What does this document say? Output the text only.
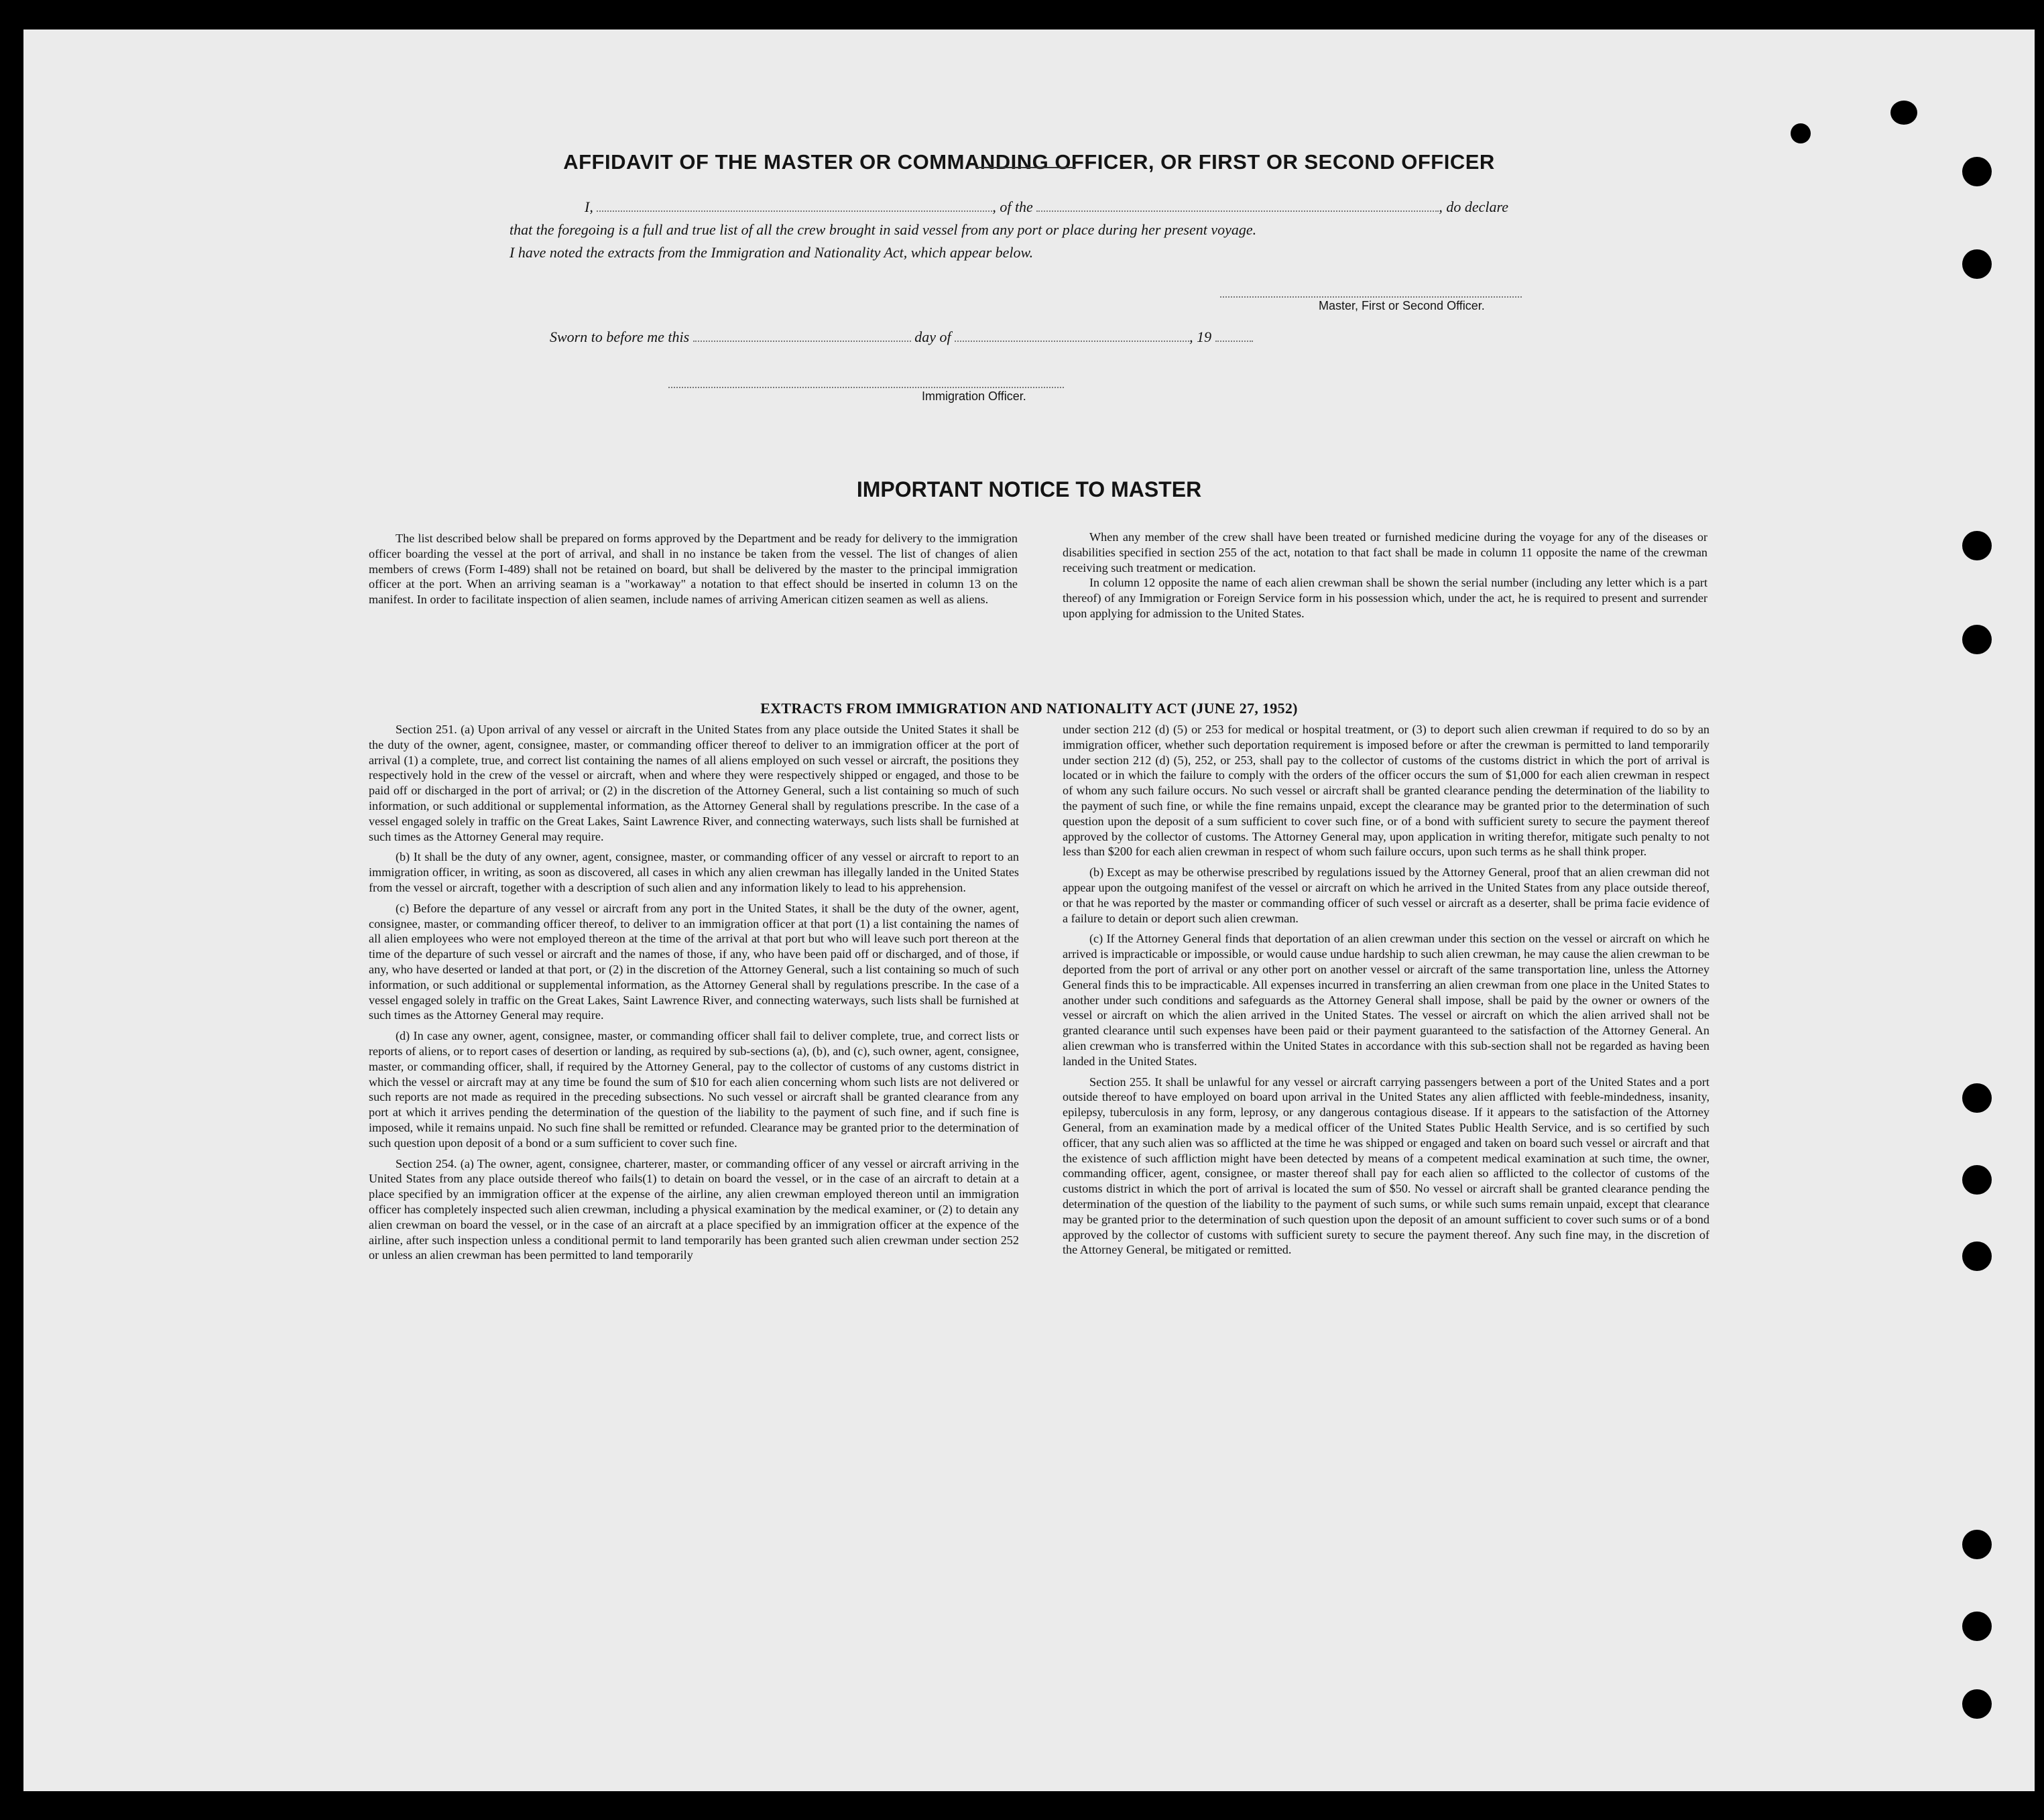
AFFIDAVIT OF THE MASTER OR COMMANDING OFFICER, OR FIRST OR SECOND OFFICER
I,	, of the	, do declare
that the foregoing is a full and true list of all the crew brought in said vessel from any port or place during her present voyage.
I have noted the extracts from the Immigration and Nationality Act, which appear below.
Master, First or Second Officer.
Sworn to before me this	day of	, 19
Immigration Officer.
IMPORTANT NOTICE TO MASTER

The list described below shall be prepared on forms approved by the Department and be ready for delivery to the immigration officer boarding the vessel at the port of arrival, and shall in no instance be taken from the vessel. The list of changes of alien members of crews (Form I-489) shall not be retained on board, but shall be delivered by the master to the principal immigration officer at the port. When an arriving seaman is a "workaway" a notation to that effect should be inserted in column 13 on the manifest. In order to facilitate inspection of alien seamen, include names of arriving American citizen seamen as well as aliens.

When any member of the crew shall have been treated or furnished medicine during the voyage for any of the diseases or disabilities specified in section 255 of the act, notation to that fact shall be made in column 11 opposite the name of the crewman receiving such treatment or medication.

In column 12 opposite the name of each alien crewman shall be shown the serial number (including any letter which is a part thereof) of any Immigration or Foreign Service form in his possession which, under the act, he is required to present and surrender upon applying for admission to the United States.

EXTRACTS FROM IMMIGRATION AND NATIONALITY ACT (JUNE 27, 1952)

Section 251. (a) Upon arrival of any vessel or aircraft in the United States from any place outside the United States it shall be the duty of the owner, agent, consignee, master, or commanding officer thereof to deliver to an immigration officer at the port of arrival (1) a complete, true, and correct list containing the names of all aliens employed on such vessel or aircraft, the positions they respectively hold in the crew of the vessel or aircraft, when and where they were respectively shipped or engaged, and those to be paid off or discharged in the port of arrival; or (2) in the discretion of the Attorney General, such a list containing so much of such information, or such additional or supplemental information, as the Attorney General shall by regulations prescribe. In the case of a vessel engaged solely in traffic on the Great Lakes, Saint Lawrence River, and connecting waterways, such lists shall be furnished at such times as the Attorney General may require.

(b) It shall be the duty of any owner, agent, consignee, master, or commanding officer of any vessel or aircraft to report to an immigration officer, in writing, as soon as discovered, all cases in which any alien crewman has illegally landed in the United States from the vessel or aircraft, together with a description of such alien and any information likely to lead to his apprehension.

(c) Before the departure of any vessel or aircraft from any port in the United States, it shall be the duty of the owner, agent, consignee, master, or commanding officer thereof, to deliver to an immigration officer at that port (1) a list containing the names of all alien employees who were not employed thereon at the time of the arrival at that port but who will leave such port thereon at the time of the departure of such vessel or aircraft and the names of those, if any, who have been paid off or discharged, and of those, if any, who have deserted or landed at that port, or (2) in the discretion of the Attorney General, such a list containing so much of such information, or such additional or supplemental information, as the Attorney General shall by regulations prescribe. In the case of a vessel engaged solely in traffic on the Great Lakes, Saint Lawrence River, and connecting waterways, such lists shall be furnished at such times as the Attorney General may require.

(d) In case any owner, agent, consignee, master, or commanding officer shall fail to deliver complete, true, and correct lists or reports of aliens, or to report cases of desertion or landing, as required by sub-sections (a), (b), and (c), such owner, agent, consignee, master, or commanding officer, shall, if required by the Attorney General, pay to the collector of customs of any customs district in which the vessel or aircraft may at any time be found the sum of $10 for each alien concerning whom such lists are not delivered or such reports are not made as required in the preceding subsections. No such vessel or aircraft shall be granted clearance from any port at which it arrives pending the determination of the question of the liability to the payment of such fine, and if such fine is imposed, while it remains unpaid. No such fine shall be remitted or refunded. Clearance may be granted prior to the determination of such question upon deposit of a bond or a sum sufficient to cover such fine.

Section 254. (a) The owner, agent, consignee, charterer, master, or commanding officer of any vessel or aircraft arriving in the United States from any place outside thereof who fails(1) to detain on board the vessel, or in the case of an aircraft to detain at a place specified by an immigration officer at the expense of the airline, any alien crewman employed thereon until an immigration officer has completely inspected such alien crewman, including a physical examination by the medical examiner, or (2) to detain any alien crewman on board the vessel, or in the case of an aircraft at a place specified by an immigration officer at the expence of the airline, after such inspection unless a conditional permit to land temporarily has been granted such alien crewman under section 252 or unless an alien crewman has been permitted to land temporarily

under section 212 (d) (5) or 253 for medical or hospital treatment, or (3) to deport such alien crewman if required to do so by an immigration officer, whether such deportation requirement is imposed before or after the crewman is permitted to land temporarily under section 212 (d) (5), 252, or 253, shall pay to the collector of customs of the customs district in which the port of arrival is located or in which the failure to comply with the orders of the officer occurs the sum of $1,000 for each alien crewman in respect of whom any such failure occurs. No such vessel or aircraft shall be granted clearance pending the determination of the liability to the payment of such fine, or while the fine remains unpaid, except the clearance may be granted prior to the determination of such question upon the deposit of a sum sufficient to cover such fine, or of a bond with sufficient surety to secure the payment thereof approved by the collector of customs. The Attorney General may, upon application in writing therefor, mitigate such penalty to not less than $200 for each alien crewman in respect of whom such failure occurs, upon such terms as he shall think proper.

(b) Except as may be otherwise prescribed by regulations issued by the Attorney General, proof that an alien crewman did not appear upon the outgoing manifest of the vessel or aircraft on which he arrived in the United States from any place outside thereof, or that he was reported by the master or commanding officer of such vessel or aircraft as a deserter, shall be prima facie evidence of a failure to detain or deport such alien crewman.

(c) If the Attorney General finds that deportation of an alien crewman under this section on the vessel or aircraft on which he arrived is impracticable or impossible, or would cause undue hardship to such alien crewman, he may cause the alien crewman to be deported from the port of arrival or any other port on another vessel or aircraft of the same transportation line, unless the Attorney General finds this to be impracticable. All expenses incurred in transferring an alien crewman from one place in the United States to another under such conditions and safeguards as the Attorney General shall impose, shall be paid by the owner or owners of the vessel or aircraft on which the alien arrived in the United States. The vessel or aircraft on which the alien arrived shall not be granted clearance until such expenses have been paid or their payment guaranteed to the satisfaction of the Attorney General. An alien crewman who is transferred within the United States in accordance with this sub-section shall not be regarded as having been landed in the United States.

Section 255. It shall be unlawful for any vessel or aircraft carrying passengers between a port of the United States and a port outside thereof to have employed on board upon arrival in the United States any alien afflicted with feeble-mindedness, insanity, epilepsy, tuberculosis in any form, leprosy, or any dangerous contagious disease. If it appears to the satisfaction of the Attorney General, from an examination made by a medical officer of the United States Public Health Service, and is so certified by such officer, that any such alien was so afflicted at the time he was shipped or engaged and taken on board such vessel or aircraft and that the existence of such affliction might have been detected by means of a competent medical examination at such time, the owner, commanding officer, agent, consignee, or master thereof shall pay for each alien so afflicted to the collector of customs of the customs district in which the port of arrival is located the sum of $50. No vessel or aircraft shall be granted clearance pending the determination of the question of the liability to the payment of such sums, or while such sums remain unpaid, except that clearance may be granted prior to the determination of such question upon the deposit of an amount sufficient to cover such sums or of a bond approved by the collector of customs with sufficient surety to secure the payment thereof. Any such fine may, in the discretion of the Attorney General, be mitigated or remitted.
